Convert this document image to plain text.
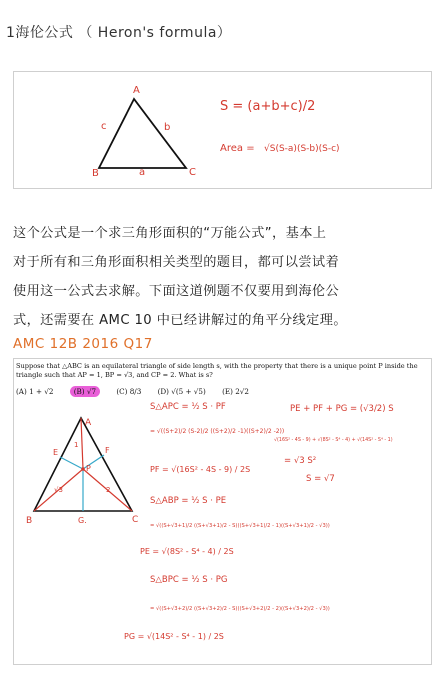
1海伦公式 （ Heron's formula）
A
B	C
a
b
c
S = (a+b+c)/2
Area = √S(S-a)(S-b)(S-c)

这个公式是一个求三角形面积的“万能公式”，基本上

对于所有和三角形面积相关类型的题目，都可以尝试着

使用这一公式去求解。下面这道例题不仅要用到海伦公

式，还需要在 AMC 10 中已经讲解过的角平分线定理。

AMC 12B 2016 Q17
Suppose that △ABC is an equilateral triangle of side length s, with the property that there is a unique point P inside the triangle such that AP = 1, BP = √3, and CP = 2. What is s?
(A) 1 + √2	(B) √7	(C) 8/3 (D) √(5 + √5) (E) 2√2
A
B	C
E	F
G.
P
√3
1
2
S△APC = ½ S · PF
= √((S+2)/2 (S-2)/2 ((S+2)/2 -1)((S+2)/2 -2))
PF = √(16S² - 4S - 9) / 2S
S△ABP = ½ S · PE
= √((S+√3+1)/2 ((S+√3+1)/2 - S)((S+√3+1)/2 - 1)((S+√3+1)/2 - √3))
PE = √(8S² - S⁴ - 4) / 2S
S△BPC = ½ S · PG
= √((S+√3+2)/2 ((S+√3+2)/2 - S)((S+√3+2)/2 - 2)((S+√3+2)/2 - √3))
PG = √(14S² - S⁴ - 1) / 2S
PE + PF + PG = (√3/2) S
√(16S² - 4S - 9) + √(8S² - S⁴ - 4) + √(14S² - S⁴ - 1)
= √3 S²
S = √7
